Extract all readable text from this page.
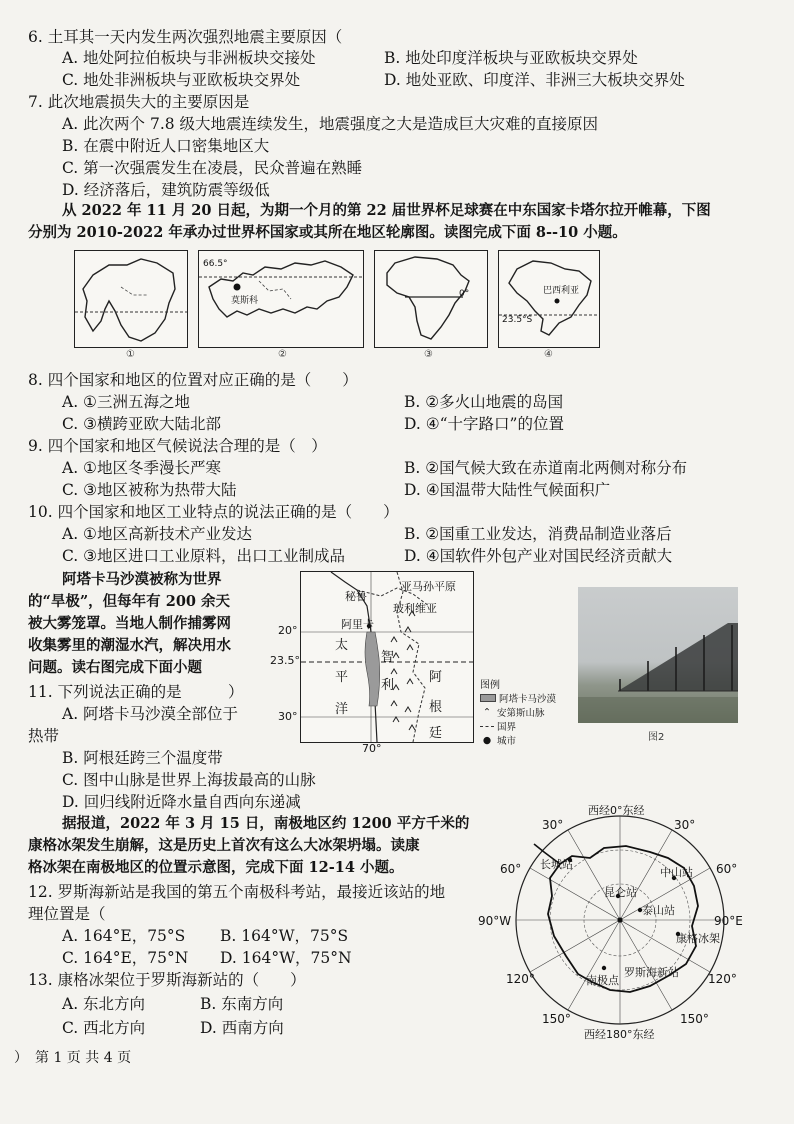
6. 土耳其一天内发生两次强烈地震主要原因（
A. 地处阿拉伯板块与非洲板块交接处	B. 地处印度洋板块与亚欧板块交界处
C. 地处非洲板块与亚欧板块交界处	D. 地处亚欧、印度洋、非洲三大板块交界处
7. 此次地震损失大的主要原因是
A. 此次两个 7.8 级大地震连续发生，地震强度之大是造成巨大灾难的直接原因
B. 在震中附近人口密集地区大
C. 第一次强震发生在凌晨，民众普遍在熟睡
D. 经济落后，建筑防震等级低
从 2022 年 11 月 20 日起，为期一个月的第 22 届世界杯足球赛在中东国家卡塔尔拉开帷幕，下图
分别为 2010-2022 年承办过世界杯国家或其所在地区轮廓图。读图完成下面 8--10 小题。
①
66.5°
莫斯科
②
0°
③
巴西利亚
23.5°S
④
8. 四个国家和地区的位置对应正确的是（　　）
A. ①三洲五海之地	B. ②多火山地震的岛国
C. ③横跨亚欧大陆北部	D. ④“十字路口”的位置
9. 四个国家和地区气候说法合理的是（　）
A. ①地区冬季漫长严寒	B. ②国气候大致在赤道南北两侧对称分布
C. ③地区被称为热带大陆	D. ④国温带大陆性气候面积广
10. 四个国家和地区工业特点的说法正确的是（　　）
A. ①地区高新技术产业发达	B. ②国重工业发达，消费品制造业落后
C. ③地区进口工业原料，出口工业制成品	D. ④国软件外包产业对国民经济贡献大
阿塔卡马沙漠被称为世界
的“旱极”，但每年有 200 余天
被大雾笼罩。当地人制作捕雾网
收集雾里的潮湿水汽，解决用水
问题。读右图完成下面小题
秘鲁
亚马孙平原
玻利维亚
阿里卡
太
平
洋
智
利
阿
根
廷
20°
23.5°
30°
70°
图例
阿塔卡马沙漠
⌃ 安第斯山脉
国界
● 城市	图2
11. 下列说法正确的是	）
A. 阿塔卡马沙漠全部位于
热带
B. 阿根廷跨三个温度带
C. 图中山脉是世界上海拔最高的山脉
D. 回归线附近降水量自西向东递减
据报道，2022 年 3 月 15 日，南极地区约 1200 平方千米的
康格冰架发生崩解，这是历史上首次有这么大冰架坍塌。读康
格冰架在南极地区的位置示意图，完成下面 12-14 小题。
12. 罗斯海新站是我国的第五个南极科考站，最接近该站的地
理位置是（
A. 164°E，75°S B. 164°W，75°S
C. 164°E，75°N D. 164°W，75°N
13. 康格冰架位于罗斯海新站的（　　）
A. 东北方向	B. 东南方向
C. 西北方向	D. 西南方向
西经0°东经
西经180°东经
30°	30°
60°	60°
90°W	90°E
120°	120°
150°	150°
长城站
昆仑站
中山站
泰山站
康格冰架
罗斯海新站
南极点
）　第 1 页 共 4 页
